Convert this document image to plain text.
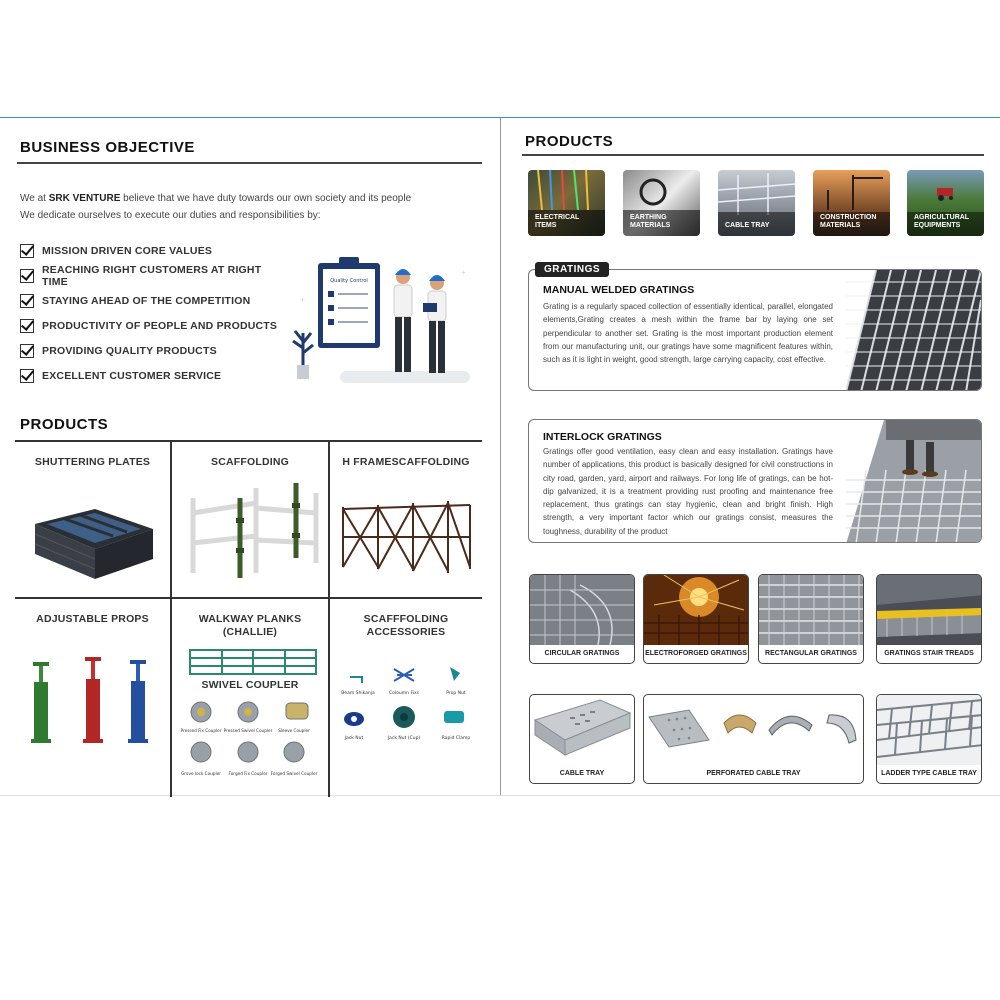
BUSINESS OBJECTIVE
We at SRK VENTURE believe that we have duty towards our own society and its people
We dedicate ourselves to execute our duties and responsibilities by:
MISSION DRIVEN CORE VALUES
REACHING RIGHT CUSTOMERS AT RIGHT TIME
STAYING AHEAD OF THE COMPETITION
PRODUCTIVITY OF PEOPLE AND PRODUCTS
PROVIDING QUALITY PRODUCTS
EXCELLENT CUSTOMER SERVICE
Quality Control
+
+
PRODUCTS
SHUTTERING PLATES	SCAFFOLDING	H FRAMESCAFFOLDING
ADJUSTABLE PROPS	WALKWAY PLANKS
(CHALLIE)
SWIVEL COUPLER
Pressed Fix Coupler Pressed Swivel Coupler Sleeve Coupler
Grove lock Coupler Forged Fix Coupler Forged Swivel Coupler
SCAFFFOLDING
ACCESSORIES
Beam Shikanja	Coloumn Fixs	Prop Nut
Jack Nut	Jack Nut (Cup)	Rapid Clamp
PRODUCTS
ELECTRICAL
ITEMS
EARTHING
MATERIALS	CABLE TRAY
CONSTRUCTION
MATERIALS
AGRICULTURAL
EQUIPMENTS
MANUAL WELDED GRATINGS
Grating is a regularly spaced collection of essentially identical, parallel, elongated elements,Grating creates a mesh within the frame bar by laying one set perpendicular to another set. Grating is the most important production element from our manufacturing unit, our gratings have some magnificent features within, such as it is light in weight, good strength, large carrying capacity, cost effective.
INTERLOCK GRATINGS
Gratings offer good ventilation, easy clean and easy installation. Gratings have number of applications, this product is basically designed for civil constructions in city road, garden, yard, airport and railways. For long life of gratings, can be hot-dip galvanized, it is a treatment providing rust proofing and maintenance free replacement, thus gratings can stay hygienic, clean and bright finish. High strength, a very important factor which our gratings consist, measures the toughness, durability of the product
CIRCULAR GRATINGS	ELECTROFORGED GRATINGS	RECTANGULAR GRATINGS	GRATINGS STAIR TREADS
CABLE TRAY	PERFORATED CABLE TRAY	LADDER TYPE CABLE TRAY
GRATINGS
